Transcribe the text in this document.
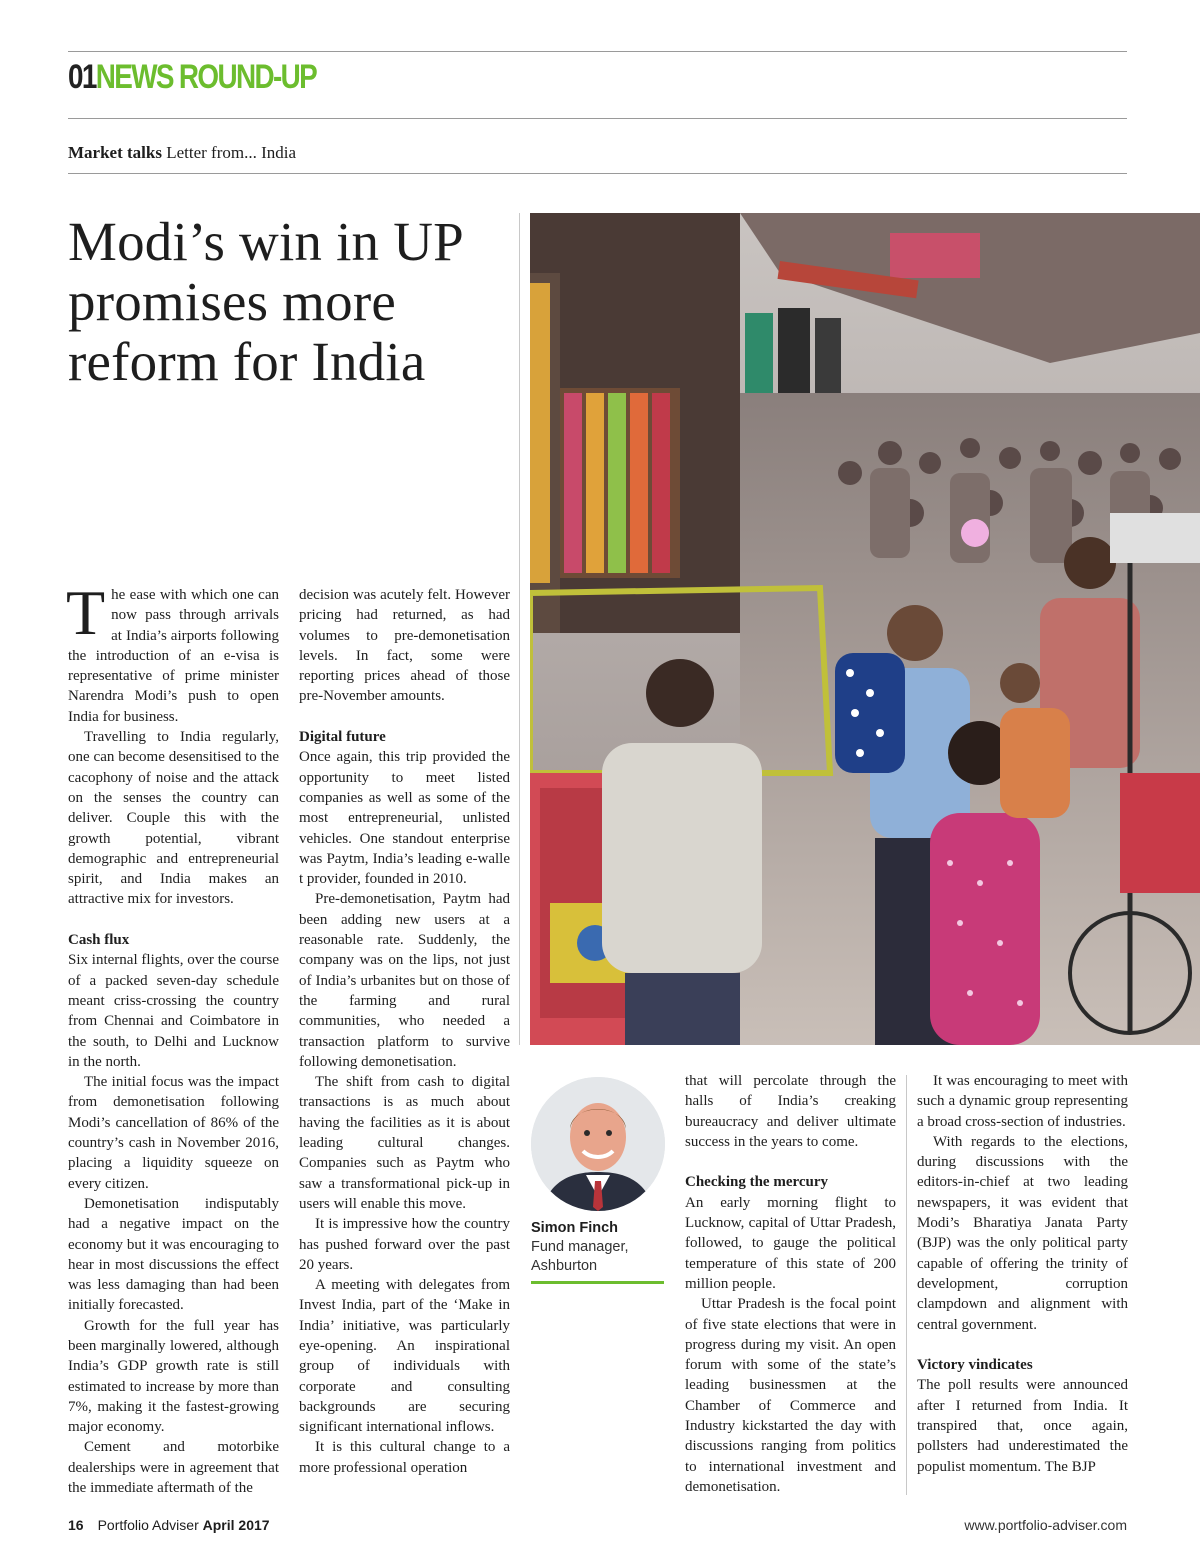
01NEWS ROUND-UP
Market talks Letter from... India
Modi’s win in UP promises more reform for India

The ease with which one can now pass through arrivals at India’s airports following the introduction of an e-visa is representative of prime minister Narendra Modi’s push to open India for business.

Travelling to India regularly, one can become desensitised to the cacophony of noise and the attack on the senses the country can deliver. Couple this with the growth potential, vibrant demographic and entrepreneurial spirit, and India makes an attractive mix for investors.

Cash flux

Six internal flights, over the course of a packed seven-day schedule meant criss-crossing the country from Chennai and Coimbatore in the south, to Delhi and Lucknow in the north.

The initial focus was the impact from demonetisation following Modi’s cancellation of 86% of the country’s cash in November 2016, placing a liquidity squeeze on every citizen.

Demonetisation indisputably had a negative impact on the economy but it was encouraging to hear in most discussions the effect was less damaging than had been initially forecasted.

Growth for the full year has been marginally lowered, although India’s GDP growth rate is still estimated to increase by more than 7%, making it the fastest-growing major economy.

Cement and motorbike dealerships were in agreement that the immediate aftermath of the

decision was acutely felt. However pricing had returned, as had volumes to pre-demonetisation levels. In fact, some were reporting prices ahead of those pre-November amounts.

Digital future

Once again, this trip provided the opportunity to meet listed companies as well as some of the most entrepreneurial, unlisted vehicles. One standout enterprise was Paytm, India’s leading e-walle t provider, founded in 2010.

Pre-demonetisation, Paytm had been adding new users at a reasonable rate. Suddenly, the company was on the lips, not just of India’s urbanites but on those of the farming and rural communities, who needed a transaction platform to survive following demonetisation.

The shift from cash to digital transactions is as much about having the facilities as it is about leading cultural changes. Companies such as Paytm who saw a transformational pick-up in users will enable this move.

It is impressive how the country has pushed forward over the past 20 years.

A meeting with delegates from Invest India, part of the ‘Make in India’ initiative, was particularly eye-opening. An inspirational group of individuals with corporate and consulting backgrounds are securing significant international inflows.

It is this cultural change to a more professional operation

Simon Finch
Fund manager,
Ashburton

that will percolate through the halls of India’s creaking bureaucracy and deliver ultimate success in the years to come.

Checking the mercury

An early morning flight to Lucknow, capital of Uttar Pradesh, followed, to gauge the political temperature of this state of 200 million people.

Uttar Pradesh is the focal point of five state elections that were in progress during my visit. An open forum with some of the state’s leading businessmen at the Chamber of Commerce and Industry kickstarted the day with discussions ranging from politics to international investment and demonetisation.

It was encouraging to meet with such a dynamic group representing a broad cross-section of industries.

With regards to the elections, during discussions with the editors-in-chief at two leading newspapers, it was evident that Modi’s Bharatiya Janata Party (BJP) was the only political party capable of offering the trinity of development, corruption clampdown and alignment with central government.

Victory vindicates

The poll results were announced after I returned from India. It transpired that, once again, pollsters had underestimated the populist momentum. The BJP

16 Portfolio Adviser April 2017	www.portfolio-adviser.com
